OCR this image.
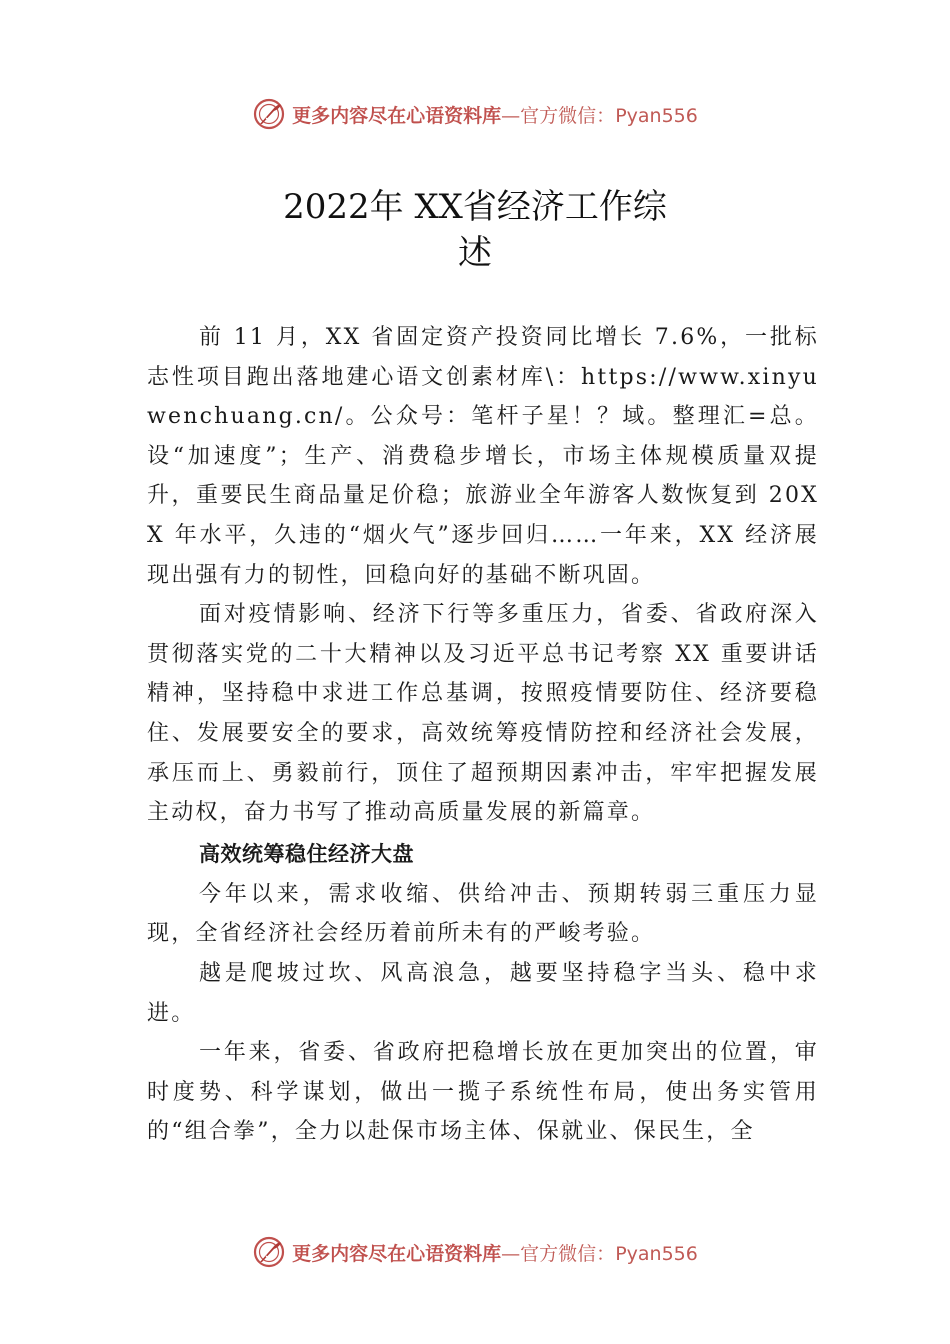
更多内容尽在心语资料库—官方微信：Pyan556
2022年 XX省经济工作综
述

前 11 月，XX 省固定资产投资同比增长 7.6%，一批标志性项目跑出落地建心语文创素材库\：https://www.xinyuwenchuang.cn/。公众号：笔杆子星！？域。整理汇=总。设“加速度”；生产、消费稳步增长，市场主体规模质量双提升，重要民生商品量足价稳；旅游业全年游客人数恢复到 20XX 年水平，久违的“烟火气”逐步回归……一年来，XX 经济展现出强有力的韧性，回稳向好的基础不断巩固。

面对疫情影响、经济下行等多重压力，省委、省政府深入贯彻落实党的二十大精神以及习近平总书记考察 XX 重要讲话精神，坚持稳中求进工作总基调，按照疫情要防住、经济要稳住、发展要安全的要求，高效统筹疫情防控和经济社会发展，承压而上、勇毅前行，顶住了超预期因素冲击，牢牢把握发展主动权，奋力书写了推动高质量发展的新篇章。

高效统筹稳住经济大盘

今年以来，需求收缩、供给冲击、预期转弱三重压力显现，全省经济社会经历着前所未有的严峻考验。

越是爬坡过坎、风高浪急，越要坚持稳字当头、稳中求进。

一年来，省委、省政府把稳增长放在更加突出的位置，审时度势、科学谋划，做出一揽子系统性布局，使出务实管用的“组合拳”，全力以赴保市场主体、保就业、保民生，全

更多内容尽在心语资料库—官方微信：Pyan556
